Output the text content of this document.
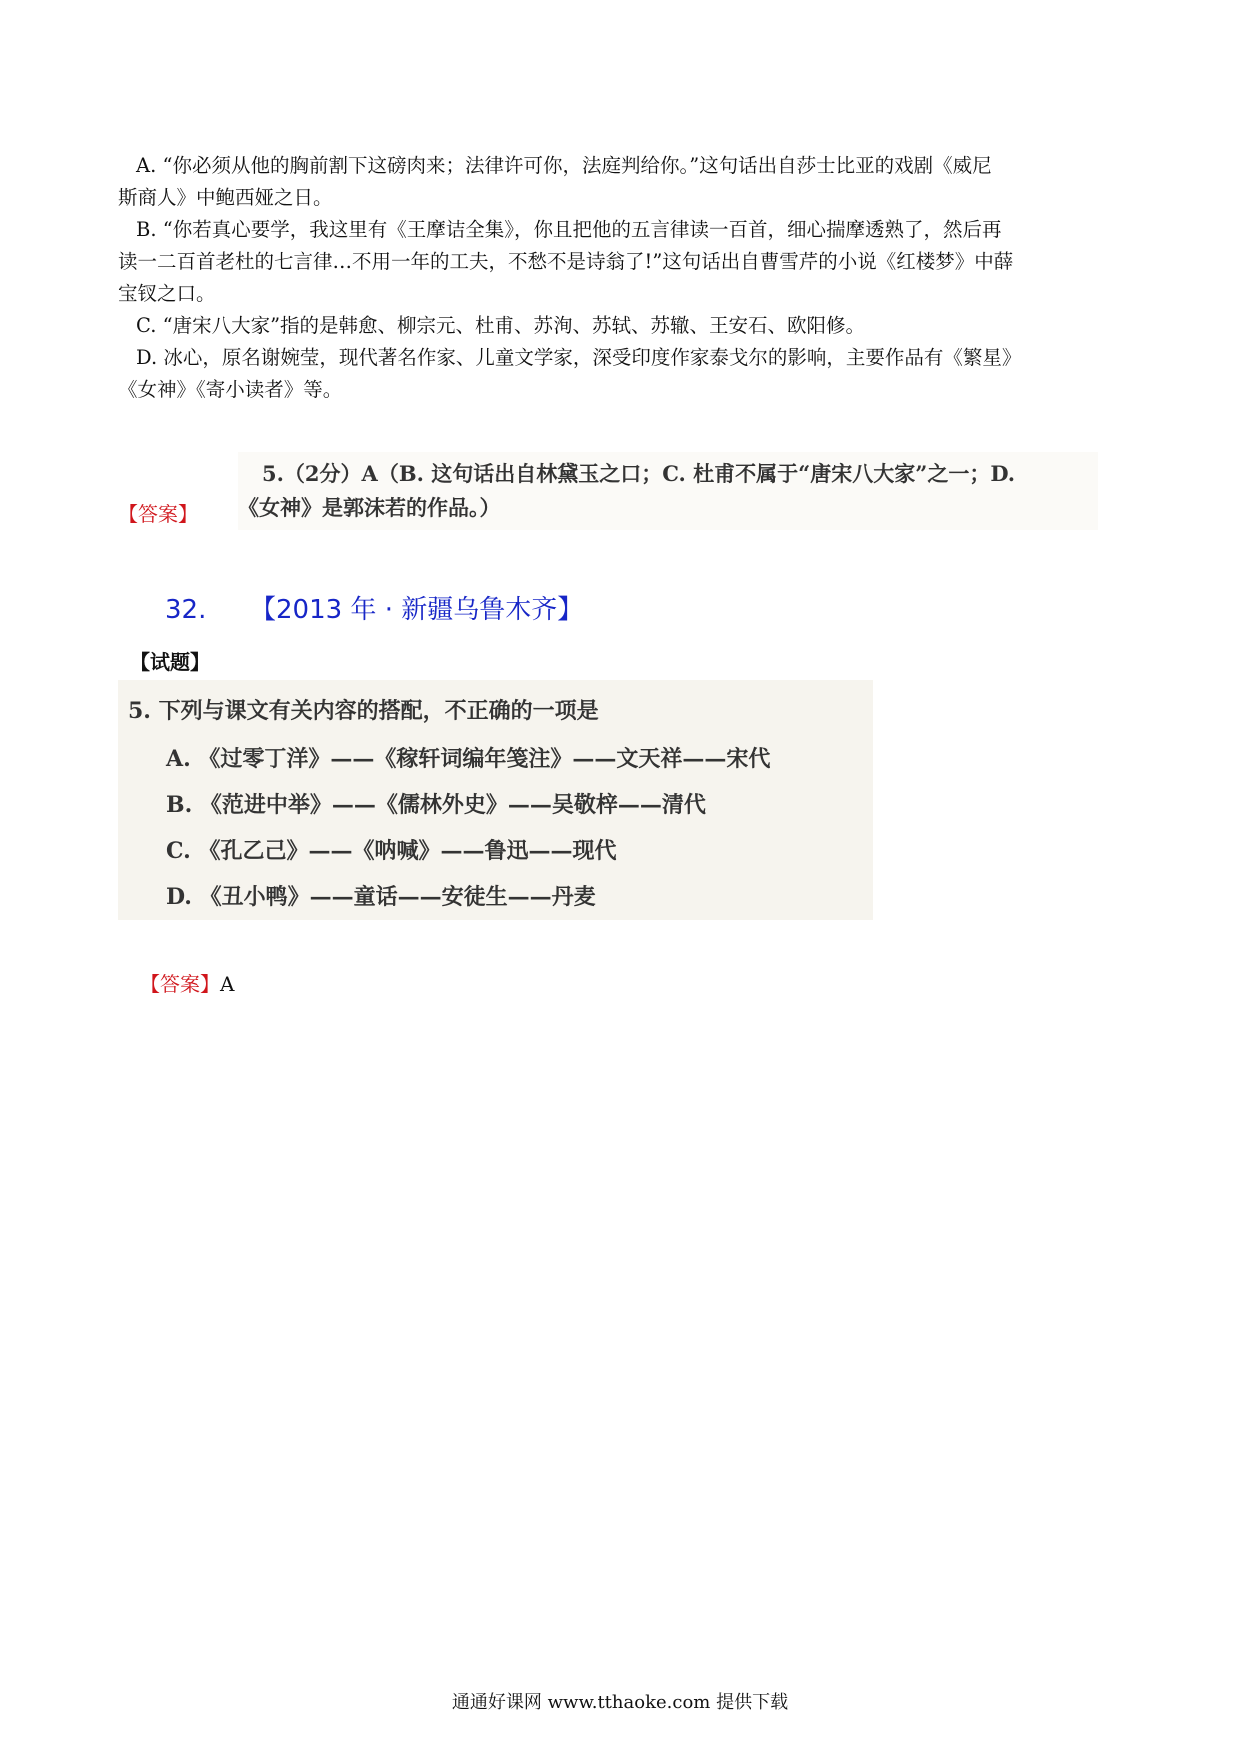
A. “你必须从他的胸前割下这磅肉来；法律许可你，法庭判给你。”这句话出自莎士比亚的戏剧《威尼
斯商人》中鲍西娅之日。
B. “你若真心要学，我这里有《王摩诘全集》，你且把他的五言律读一百首，细心揣摩透熟了，然后再
读一二百首老杜的七言律…不用一年的工夫，不愁不是诗翁了!”这句话出自曹雪芹的小说《红楼梦》中薛
宝钗之口。
C. “唐宋八大家”指的是韩愈、柳宗元、杜甫、苏洵、苏轼、苏辙、王安石、欧阳修。
D. 冰心，原名谢婉莹，现代著名作家、儿童文学家，深受印度作家泰戈尔的影响，主要作品有《繁星》
《女神》《寄小读者》等。
【答案】
5.（2分）A（B. 这句话出自林黛玉之口；C. 杜甫不属于“唐宋八大家”之一；D.
《女神》是郭沫若的作品。）
32. 【2013 年 · 新疆乌鲁木齐】
【试题】
5. 下列与课文有关内容的搭配，不正确的一项是
A. 《过零丁洋》——《稼轩词编年笺注》——文天祥——宋代
B. 《范进中举》——《儒林外史》——吴敬梓——清代
C. 《孔乙己》——《呐喊》——鲁迅——现代
D. 《丑小鸭》——童话——安徒生——丹麦
【答案】A
通通好课网 www.tthaoke.com 提供下载
